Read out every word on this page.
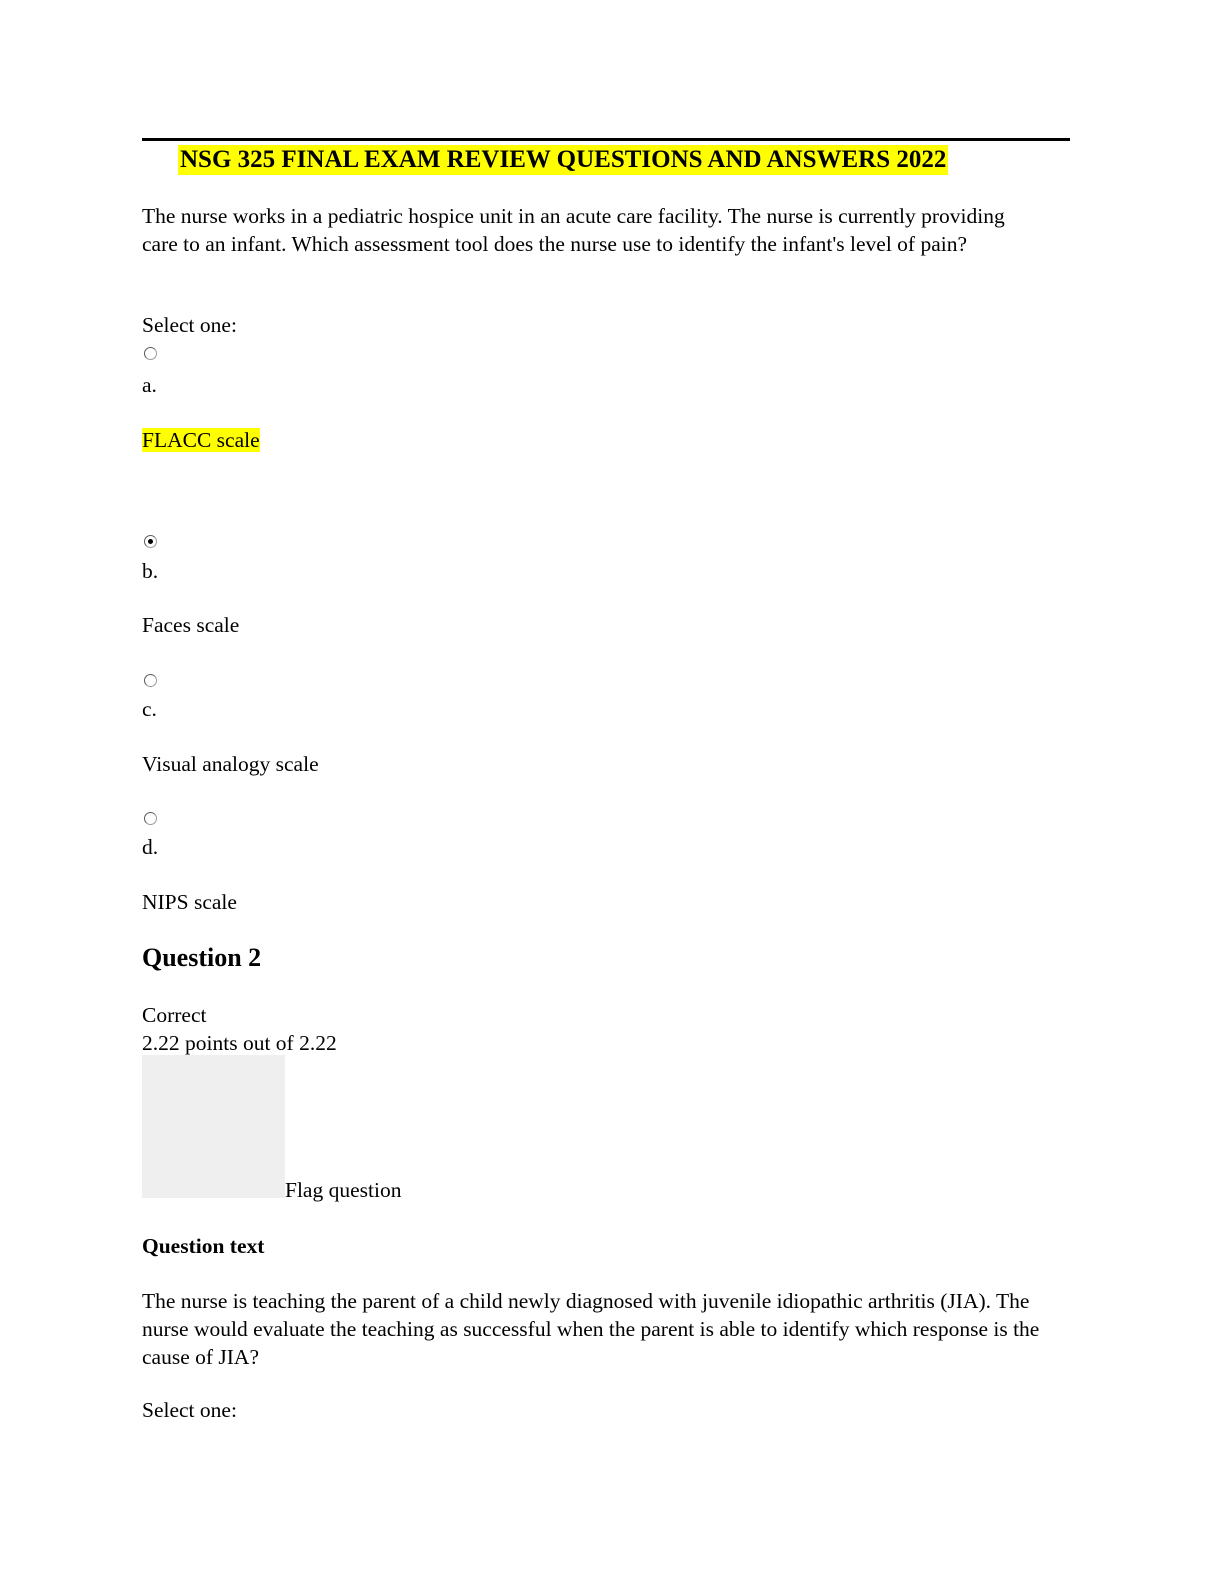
NSG 325 FINAL EXAM REVIEW QUESTIONS AND ANSWERS 2022
The nurse works in a pediatric hospice unit in an acute care facility. The nurse is currently providing care to an infant. Which assessment tool does the nurse use to identify the infant's level of pain?
Select one:
a.
FLACC scale
b.
Faces scale
c.
Visual analogy scale
d.
NIPS scale
Question 2
Correct
2.22 points out of 2.22
Flag question
Question text
The nurse is teaching the parent of a child newly diagnosed with juvenile idiopathic arthritis (JIA). The nurse would evaluate the teaching as successful when the parent is able to identify which response is the cause of JIA?
Select one:
